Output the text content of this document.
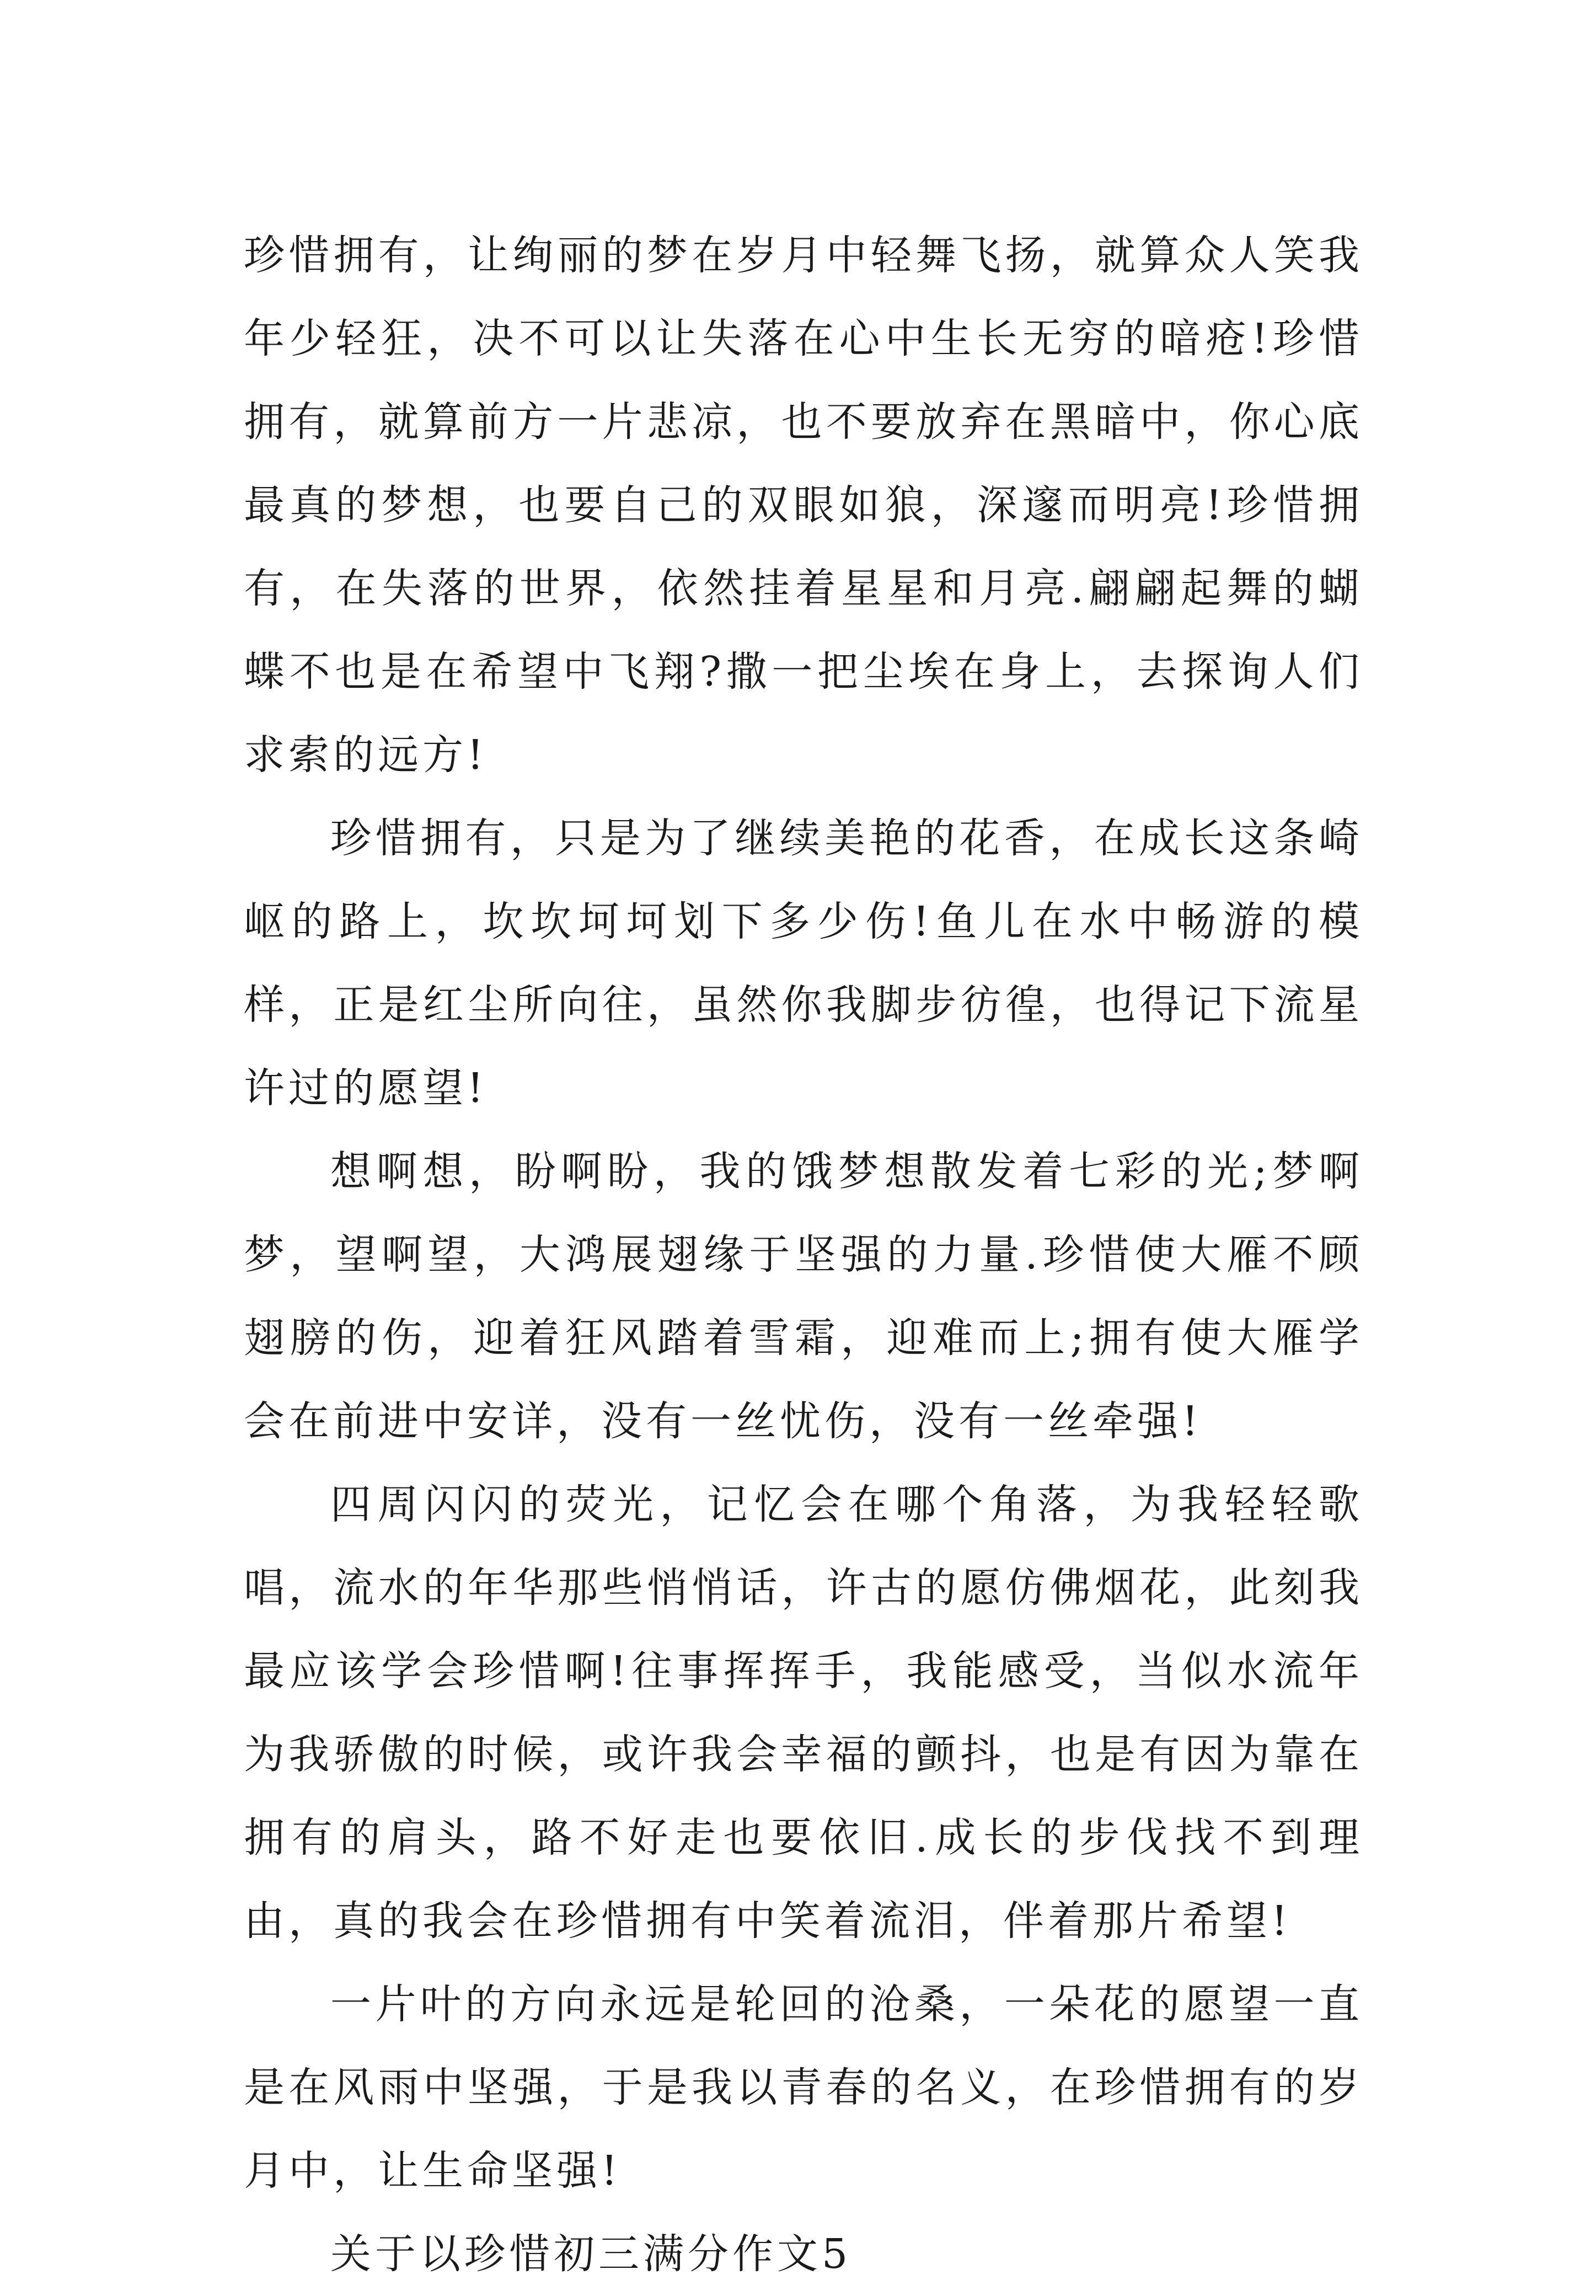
珍惜拥有，让绚丽的梦在岁月中轻舞飞扬，就算众人笑我年少轻狂，决不可以让失落在心中生长无穷的暗疮!珍惜拥有，就算前方一片悲凉，也不要放弃在黑暗中，你心底最真的梦想，也要自己的双眼如狼，深邃而明亮!珍惜拥有，在失落的世界，依然挂着星星和月亮.翩翩起舞的蝴蝶不也是在希望中飞翔?撒一把尘埃在身上，去探询人们求索的远方!

珍惜拥有，只是为了继续美艳的花香，在成长这条崎岖的路上，坎坎坷坷划下多少伤!鱼儿在水中畅游的模样，正是红尘所向往，虽然你我脚步彷徨，也得记下流星许过的愿望!

想啊想，盼啊盼，我的饿梦想散发着七彩的光;梦啊梦，望啊望，大鸿展翅缘于坚强的力量.珍惜使大雁不顾翅膀的伤，迎着狂风踏着雪霜，迎难而上;拥有使大雁学会在前进中安详，没有一丝忧伤，没有一丝牵强!

四周闪闪的荧光，记忆会在哪个角落，为我轻轻歌唱，流水的年华那些悄悄话，许古的愿仿佛烟花，此刻我最应该学会珍惜啊!往事挥挥手，我能感受，当似水流年为我骄傲的时候，或许我会幸福的颤抖，也是有因为靠在拥有的肩头，路不好走也要依旧.成长的步伐找不到理由，真的我会在珍惜拥有中笑着流泪，伴着那片希望!

一片叶的方向永远是轮回的沧桑，一朵花的愿望一直是在风雨中坚强，于是我以青春的名义，在珍惜拥有的岁月中，让生命坚强!

关于以珍惜初三满分作文5
